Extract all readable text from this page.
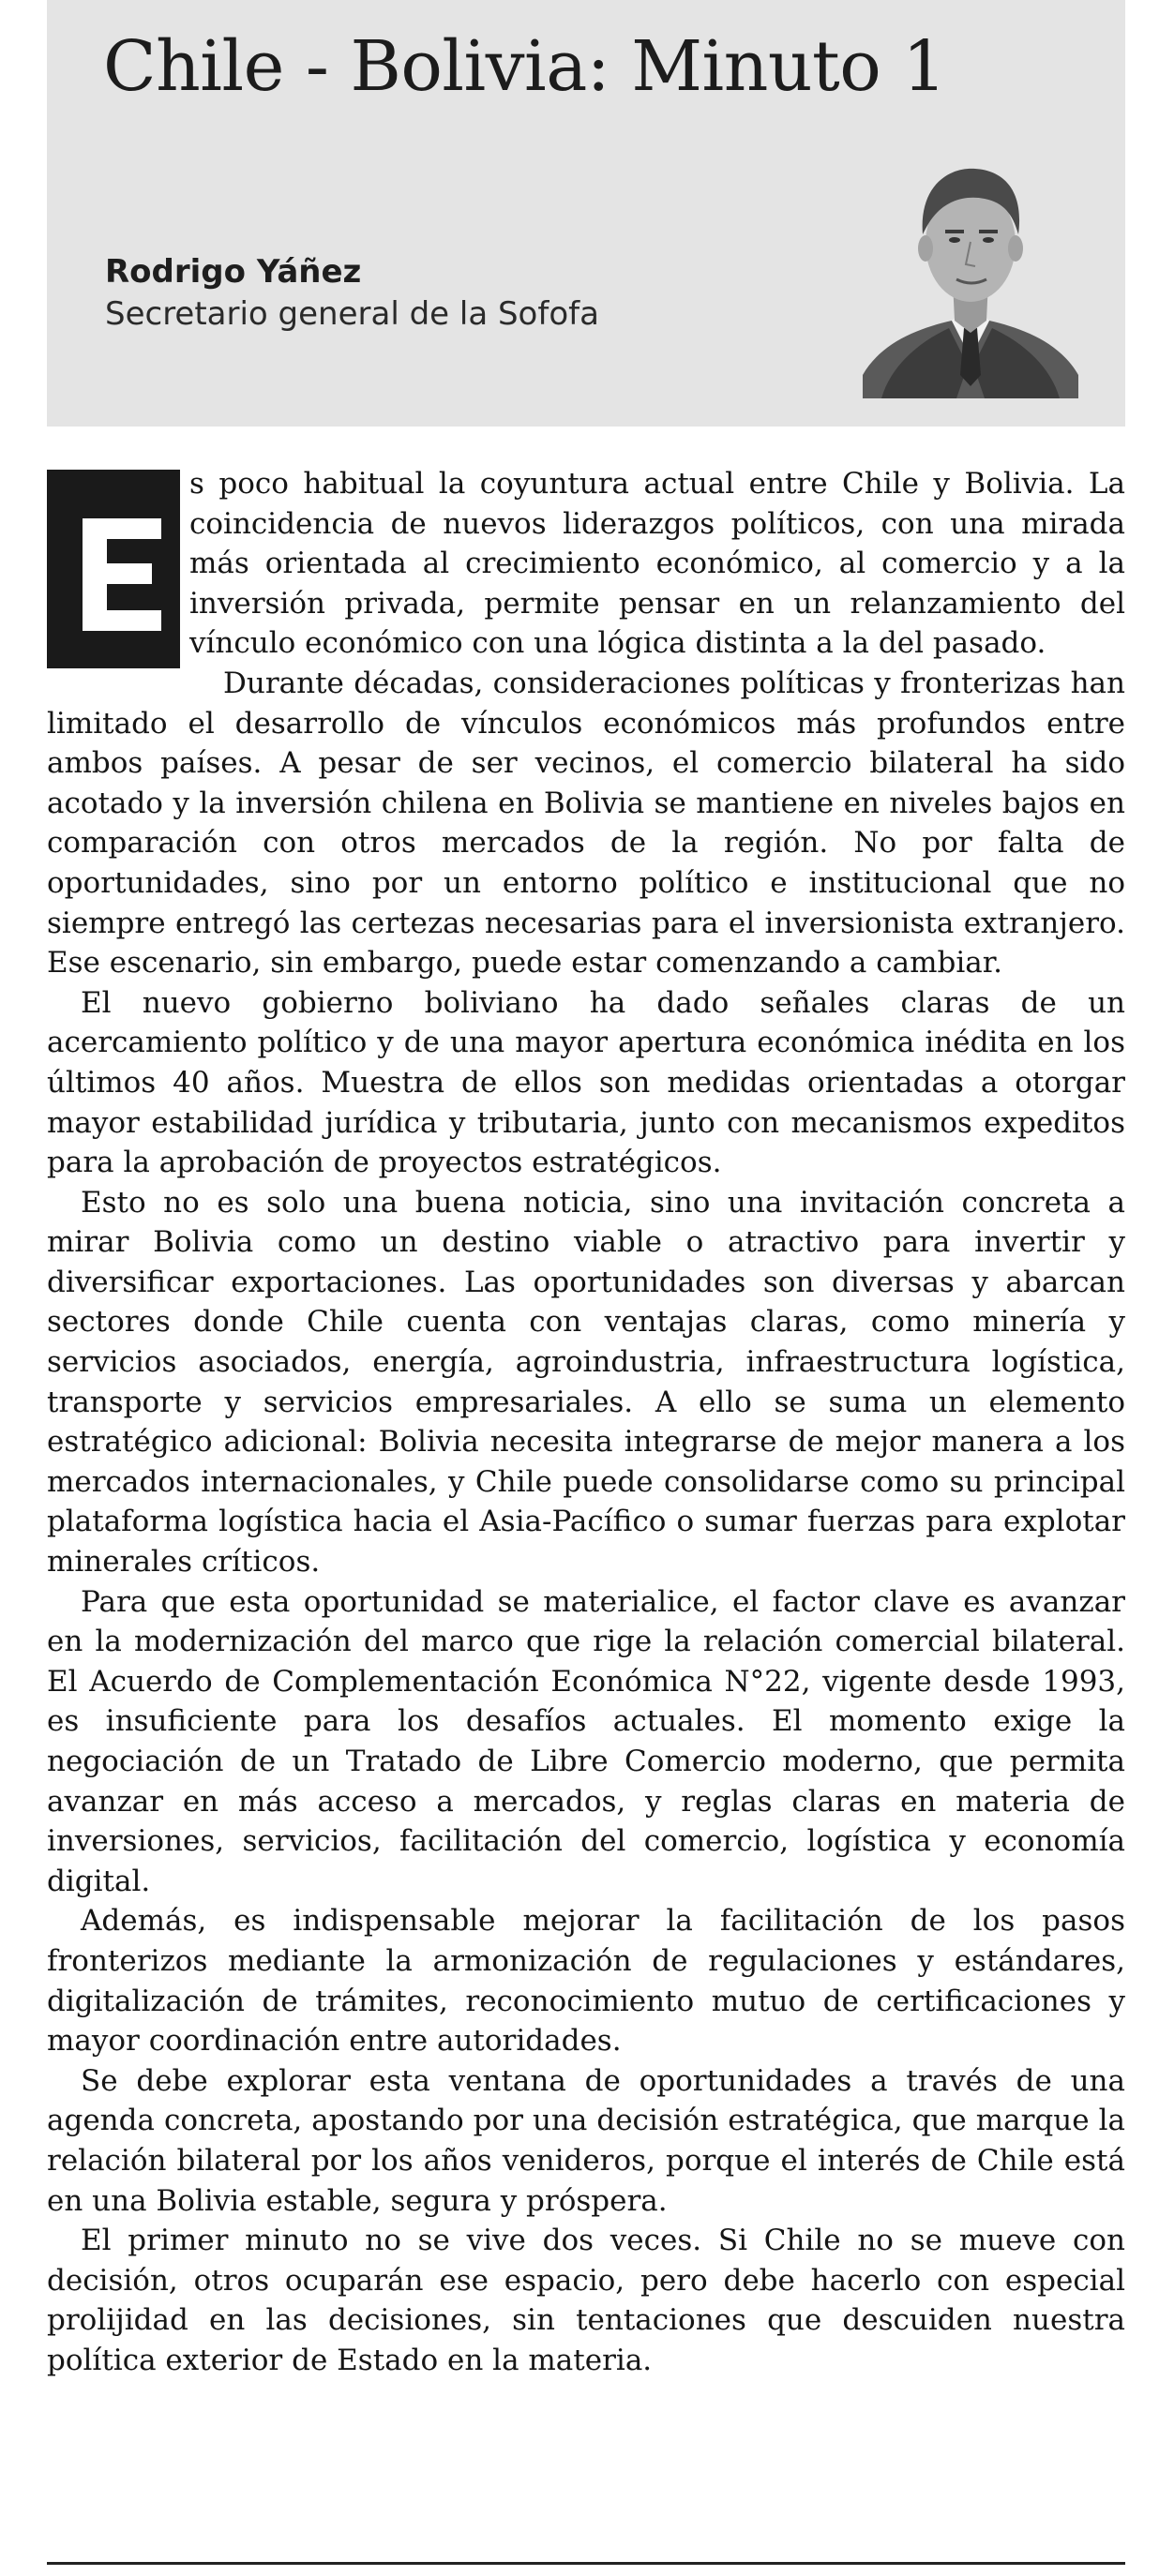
Chile - Bolivia: Minuto 1
Rodrigo Yáñez
Secretario general de la Sofofa

s poco habitual la coyuntura actual entre Chile y Bolivia. La coincidencia de nuevos liderazgos políticos, con una mirada más orientada al crecimiento económico, al comercio y a la inversión privada, permite pensar en un relanzamiento del vínculo económico con una lógica distinta a la del pasado.

Durante décadas, consideraciones políticas y fronterizas han limitado el desarrollo de vínculos económicos más profundos entre ambos países. A pesar de ser vecinos, el comercio bilateral ha sido acotado y la inversión chilena en Bolivia se mantiene en niveles bajos en comparación con otros mercados de la región. No por falta de oportunidades, sino por un entorno político e institucional que no siempre entregó las certezas necesarias para el inversionista extranjero. Ese escenario, sin embargo, puede estar comenzando a cambiar.

El nuevo gobierno boliviano ha dado señales claras de un acercamiento político y de una mayor apertura económica inédita en los últimos 40 años. Muestra de ellos son medidas orientadas a otorgar mayor estabilidad jurídica y tributaria, junto con mecanismos expeditos para la aprobación de proyectos estratégicos.

Esto no es solo una buena noticia, sino una invitación concreta a mirar Bolivia como un destino viable o atractivo para invertir y diversificar exportaciones. Las oportunidades son diversas y abarcan sectores donde Chile cuenta con ventajas claras, como minería y servicios asociados, energía, agroindustria, infraestructura logística, transporte y servicios empresariales. A ello se suma un elemento estratégico adicional: Bolivia necesita integrarse de mejor manera a los mercados internacionales, y Chile puede consolidarse como su principal plataforma logística hacia el Asia-Pacífico o sumar fuerzas para explotar minerales críticos.

Para que esta oportunidad se materialice, el factor clave es avanzar en la modernización del marco que rige la relación comercial bilateral. El Acuerdo de Complementación Económica N°22, vigente desde 1993, es insuficiente para los desafíos actuales. El momento exige la negociación de un Tratado de Libre Comercio moderno, que permita avanzar en más acceso a mercados, y reglas claras en materia de inversiones, servicios, facilitación del comercio, logística y economía digital.

Además, es indispensable mejorar la facilitación de los pasos fronterizos mediante la armonización de regulaciones y estándares, digitalización de trámites, reconocimiento mutuo de certificaciones y mayor coordinación entre autoridades.

Se debe explorar esta ventana de oportunidades a través de una agenda concreta, apostando por una decisión estratégica, que marque la relación bilateral por los años venideros, porque el interés de Chile está en una Bolivia estable, segura y próspera.

El primer minuto no se vive dos veces. Si Chile no se mueve con decisión, otros ocuparán ese espacio, pero debe hacerlo con especial prolijidad en las decisiones, sin tentaciones que descuiden nuestra política exterior de Estado en la materia.
